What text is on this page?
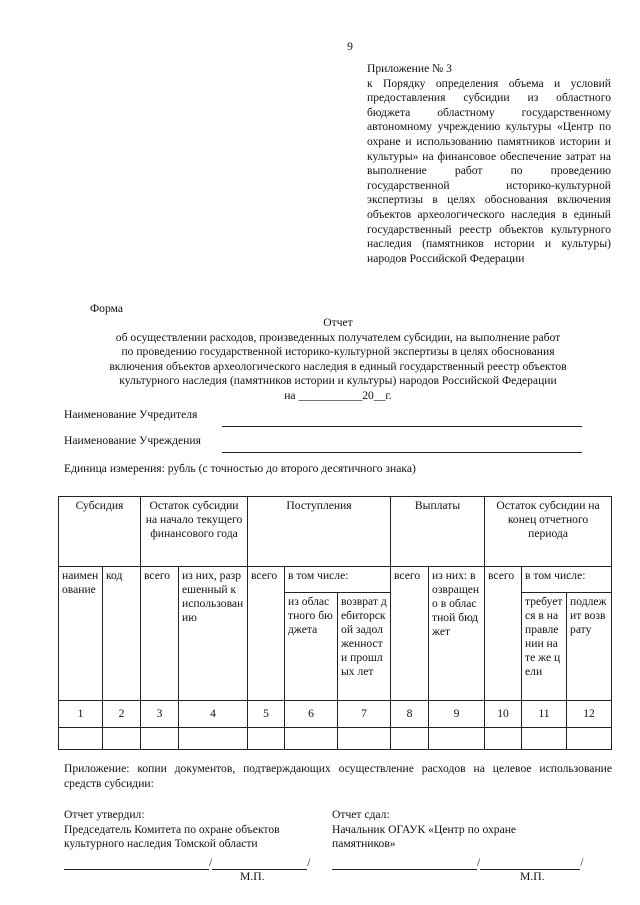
9
Приложение № 3
к Порядку определения объема и условий предоставления субсидии из областного бюджета областному государственному автономному учреждению культуры «Центр по охране и использованию памятников истории и культуры» на финансовое обеспечение затрат на выполнение работ по проведению государственной историко-культурной экспертизы в целях обоснования включения объектов археологического наследия в единый государственный реестр объектов культурного наследия (памятников истории и культуры) народов Российской Федерации
Форма
Отчет
об осуществлении расходов, произведенных получателем субсидии, на выполнение работ
по проведению государственной историко-культурной экспертизы в целях обоснования
включения объектов археологического наследия в единый государственный реестр объектов
культурного наследия (памятников истории и культуры) народов Российской Федерации
на ___________20__г.
Наименование Учредителя
Наименование Учреждения
Единица измерения: рубль (с точностью до второго десятичного знака)
Субсидия		Остаток субсидии на начало текущего финансового года		Поступления			Выплаты		Остаток субсидии на конец отчетного периода		
наименование	код	всего	из них, разрешенный к использованию	всего	в том числе:		всего	из них: возвращено в областной бюджет	всего	в том числе:	
					из областного бюджета	возврат дебиторской задолженности прошлых лет				требуется в направлении на те же цели	подлежит возврату
1	2	3	4	5	6	7	8	9	10	11	12

Приложение: копии документов, подтверждающих осуществление расходов на целевое использование средств субсидии:
Отчет утвердил:
Председатель Комитета по охране объектов
культурного наследия Томской области
/	/
М.П.
Отчет сдал:
Начальник ОГАУК «Центр по охране
памятников»
/	/
М.П.
